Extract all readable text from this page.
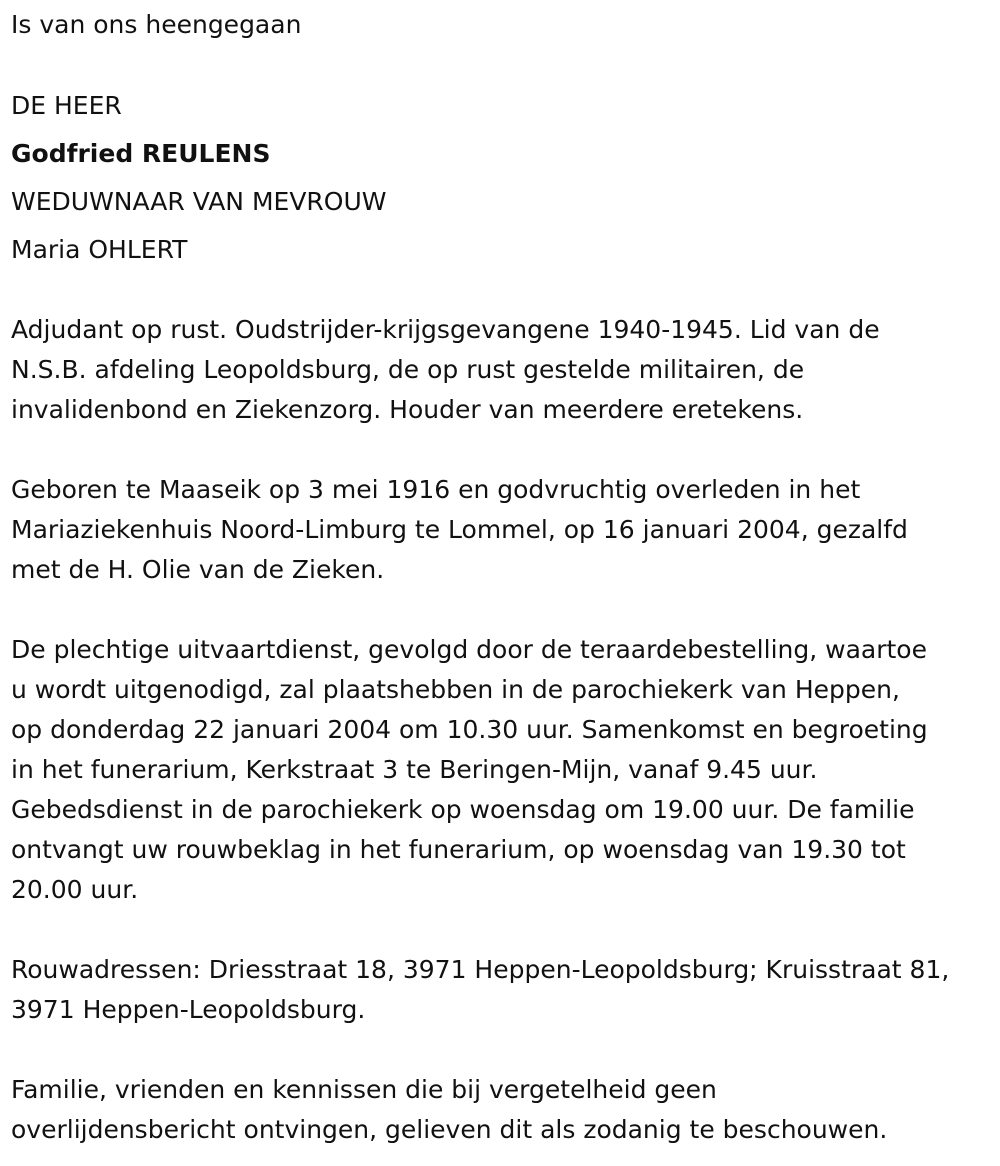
Is van ons heengegaan
DE HEER
Godfried REULENS
WEDUWNAAR VAN MEVROUW
Maria OHLERT
Adjudant op rust. Oudstrijder-krijgsgevangene 1940-1945. Lid van de
N.S.B. afdeling Leopoldsburg, de op rust gestelde militairen, de
invalidenbond en Ziekenzorg. Houder van meerdere eretekens.
Geboren te Maaseik op 3 mei 1916 en godvruchtig overleden in het
Mariaziekenhuis Noord-Limburg te Lommel, op 16 januari 2004, gezalfd
met de H. Olie van de Zieken.
De plechtige uitvaartdienst, gevolgd door de teraardebestelling, waartoe
u wordt uitgenodigd, zal plaatshebben in de parochiekerk van Heppen,
op donderdag 22 januari 2004 om 10.30 uur. Samenkomst en begroeting
in het funerarium, Kerkstraat 3 te Beringen-Mijn, vanaf 9.45 uur.
Gebedsdienst in de parochiekerk op woensdag om 19.00 uur. De familie
ontvangt uw rouwbeklag in het funerarium, op woensdag van 19.30 tot
20.00 uur.
Rouwadressen: Driesstraat 18, 3971 Heppen-Leopoldsburg; Kruisstraat 81,
3971 Heppen-Leopoldsburg.
Familie, vrienden en kennissen die bij vergetelheid geen
overlijdensbericht ontvingen, gelieven dit als zodanig te beschouwen.
